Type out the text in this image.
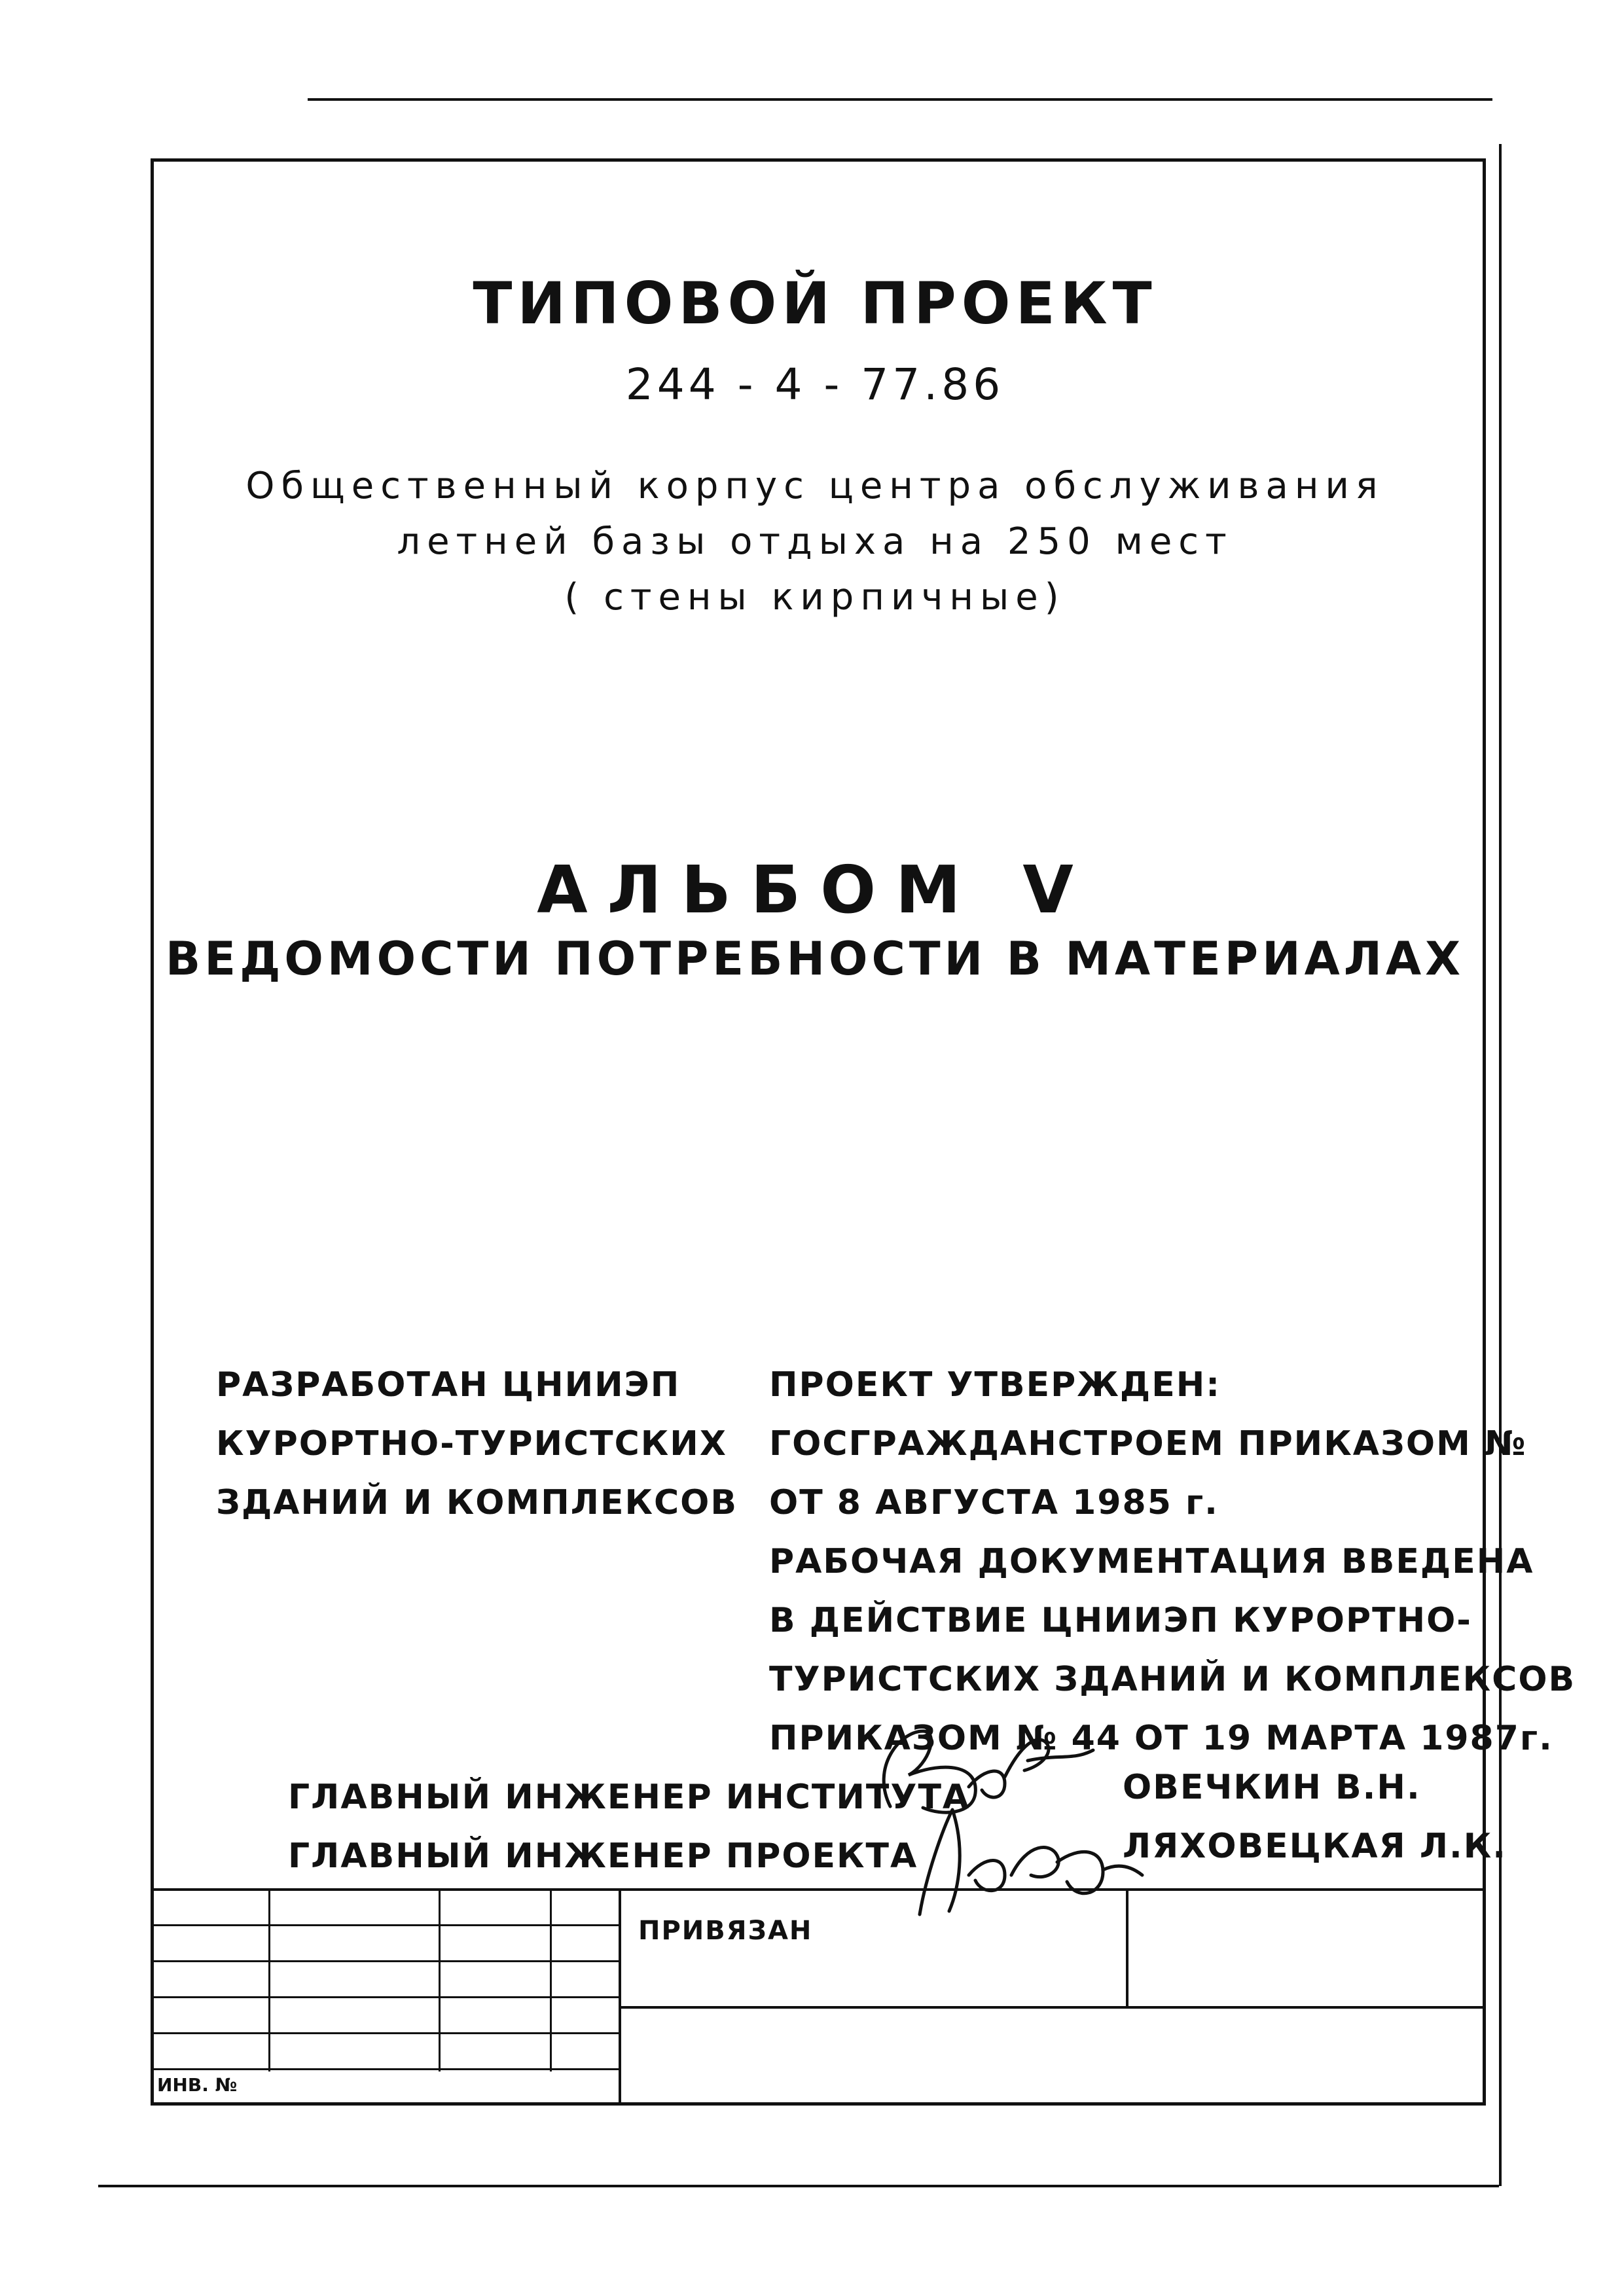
ТИПОВОЙ ПРОЕКТ
244 - 4 - 77.86
Общественный корпус центра обслуживания
летней базы отдыха на 250 мест
( стены кирпичные)
АЛЬБОМ V
ВЕДОМОСТИ ПОТРЕБНОСТИ В МАТЕРИАЛАХ
РАЗРАБОТАН ЦНИИЭП
КУРОРТНО-ТУРИСТСКИХ
ЗДАНИЙ И КОМПЛЕКСОВ
ПРОЕКТ УТВЕРЖДЕН:
ГОСГРАЖДАНСТРОЕМ ПРИКАЗОМ №
ОТ 8 АВГУСТА 1985 г.
РАБОЧАЯ ДОКУМЕНТАЦИЯ ВВЕДЕНА
В ДЕЙСТВИЕ ЦНИИЭП КУРОРТНО-
ТУРИСТСКИХ ЗДАНИЙ И КОМПЛЕКСОВ
ПРИКАЗОМ № 44 ОТ 19 МАРТА 1987г.
ГЛАВНЫЙ ИНЖЕНЕР ИНСТИТУТА	ОВЕЧКИН В.Н.
ГЛАВНЫЙ ИНЖЕНЕР ПРОЕКТА	ЛЯХОВЕЦКАЯ Л.К.
ПРИВЯЗАН
ИНВ. №
